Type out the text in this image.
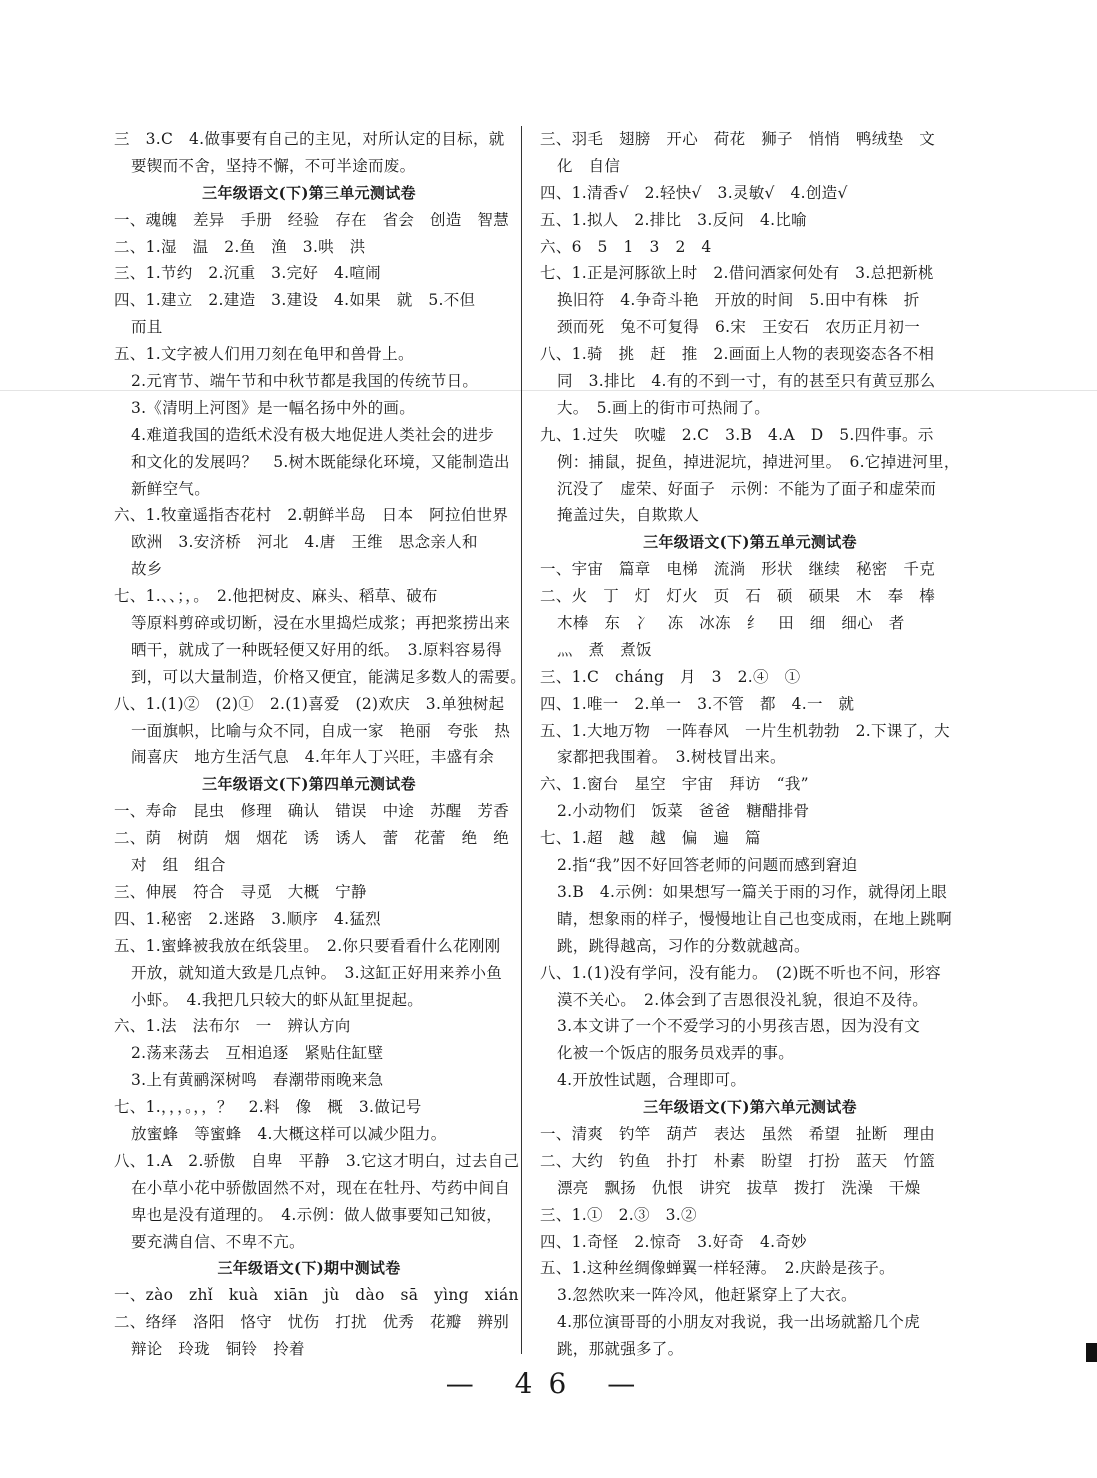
三　3.C　4.做事要有自己的主见，对所认定的目标，就
要锲而不舍，坚持不懈，不可半途而废。
三年级语文(下)第三单元测试卷
一、魂魄　差异　手册　经验　存在　省会　创造　智慧
二、1.湿　温　2.鱼　渔　3.哄　洪
三、1.节约　2.沉重　3.完好　4.喧闹
四、1.建立　2.建造　3.建设　4.如果　就　5.不但
而且
五、1.文字被人们用刀刻在龟甲和兽骨上。
2.元宵节、端午节和中秋节都是我国的传统节日。
3.《清明上河图》是一幅名扬中外的画。
4.难道我国的造纸术没有极大地促进人类社会的进步
和文化的发展吗？　5.树木既能绿化环境，又能制造出
新鲜空气。
六、1.牧童遥指杏花村　2.朝鲜半岛　日本　阿拉伯世界
欧洲　3.安济桥　河北　4.唐　王维　思念亲人和
故乡
七、1.、、；，。　2.他把树皮、麻头、稻草、破布
等原料剪碎或切断，浸在水里捣烂成浆；再把浆捞出来
晒干，就成了一种既轻便又好用的纸。　3.原料容易得
到，可以大量制造，价格又便宜，能满足多数人的需要。
八、1.(1)②　(2)①　2.(1)喜爱　(2)欢庆　3.单独树起
一面旗帜，比喻与众不同，自成一家　艳丽　夸张　热
闹喜庆　地方生活气息　4.年年人丁兴旺，丰盛有余
三年级语文(下)第四单元测试卷
一、寿命　昆虫　修理　确认　错误　中途　苏醒　芳香
二、荫　树荫　烟　烟花　诱　诱人　蕾　花蕾　绝　绝
对　组　组合
三、伸展　符合　寻觅　大概　宁静
四、1.秘密　2.迷路　3.顺序　4.猛烈
五、1.蜜蜂被我放在纸袋里。　2.你只要看看什么花刚刚
开放，就知道大致是几点钟。　3.这缸正好用来养小鱼
小虾。　4.我把几只较大的虾从缸里捉起。
六、1.法　法布尔　一　辨认方向
2.荡来荡去　互相追逐　紧贴住缸壁
3.上有黄鹂深树鸣　春潮带雨晚来急
七、1.，，，。，，？　2.料　像　概　3.做记号
放蜜蜂　等蜜蜂　4.大概这样可以减少阻力。
八、1.A　2.骄傲　自卑　平静　3.它这才明白，过去自己
在小草小花中骄傲固然不对，现在在牡丹、芍药中间自
卑也是没有道理的。　4.示例：做人做事要知己知彼，
要充满自信、不卑不亢。
三年级语文(下)期中测试卷
一、zào　zhǐ　kuà　xiān　jù　dào　sā　yìng　xián
二、络绎　洛阳　恪守　忧伤　打扰　优秀　花瓣　辨别
辩论　玲珑　铜铃　拎着
三、羽毛　翅膀　开心　荷花　狮子　悄悄　鸭绒垫　文
化　自信
四、1.清香√　2.轻快√　3.灵敏√　4.创造√
五、1.拟人　2.排比　3.反问　4.比喻
六、6　5　1　3　2　4
七、1.正是河豚欲上时　2.借问酒家何处有　3.总把新桃
换旧符　4.争奇斗艳　开放的时间　5.田中有株　折
颈而死　兔不可复得　6.宋　王安石　农历正月初一
八、1.骑　挑　赶　推　2.画面上人物的表现姿态各不相
同　3.排比　4.有的不到一寸，有的甚至只有黄豆那么
大。　5.画上的街市可热闹了。
九、1.过失　吹嘘　2.C　3.B　4.A　D　5.四件事。示
例：捕鼠，捉鱼，掉进泥坑，掉进河里。　6.它掉进河里，
沉没了　虚荣、好面子　示例：不能为了面子和虚荣而
掩盖过失，自欺欺人
三年级语文(下)第五单元测试卷
一、宇宙　篇章　电梯　流淌　形状　继续　秘密　千克
二、火　丁　灯　灯火　页　石　硕　硕果　木　奉　棒
木棒　东　冫　冻　冰冻　纟　田　细　细心　者
灬　煮　煮饭
三、1.C　cháng　月　3　2.④　①
四、1.唯一　2.单一　3.不管　都　4.一　就
五、1.大地万物　一阵春风　一片生机勃勃　2.下课了，大
家都把我围着。　3.树枝冒出来。
六、1.窗台　星空　宇宙　拜访　“我”
2.小动物们　饭菜　爸爸　糖醋排骨
七、1.超　越　越　偏　遍　篇
2.指“我”因不好回答老师的问题而感到窘迫
3.B　4.示例：如果想写一篇关于雨的习作，就得闭上眼
睛，想象雨的样子，慢慢地让自己也变成雨，在地上跳啊
跳，跳得越高，习作的分数就越高。
八、1.(1)没有学问，没有能力。　(2)既不听也不问，形容
漠不关心。　2.体会到了吉恩很没礼貌，很迫不及待。
3.本文讲了一个不爱学习的小男孩吉恩，因为没有文
化被一个饭店的服务员戏弄的事。
4.开放性试题，合理即可。
三年级语文(下)第六单元测试卷
一、清爽　钓竿　葫芦　表达　虽然　希望　扯断　理由
二、大约　钓鱼　扑打　朴素　盼望　打扮　蓝天　竹篮
漂亮　飘扬　仇恨　讲究　拔草　拨打　洗澡　干燥
三、1.①　2.③　3.②
四、1.奇怪　2.惊奇　3.好奇　4.奇妙
五、1.这种丝绸像蝉翼一样轻薄。　2.庆龄是孩子。
3.忽然吹来一阵冷风，他赶紧穿上了大衣。
4.那位演哥哥的小朋友对我说，我一出场就豁几个虎
跳，那就强多了。
— 46 —
